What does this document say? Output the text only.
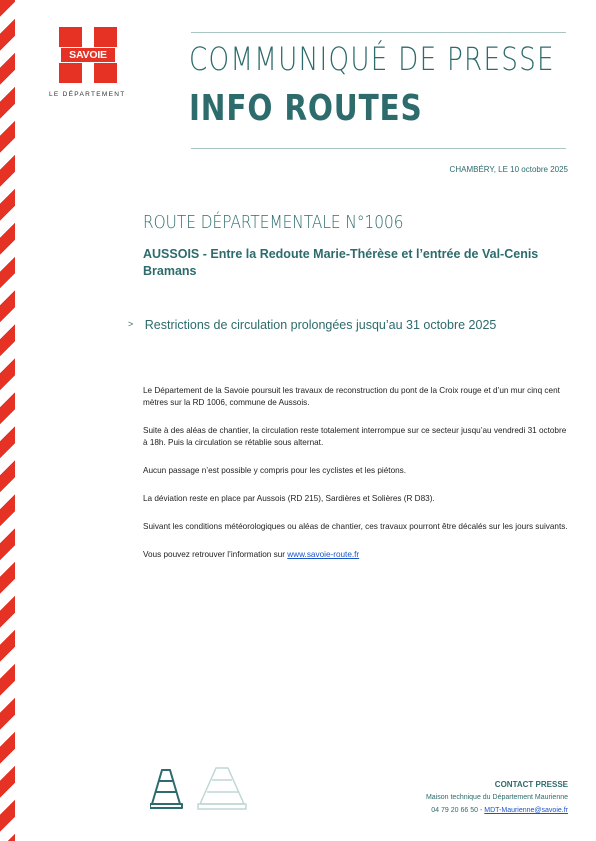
SAVOIE
LE DÉPARTEMENT
COMMUNIQUÉ DE PRESSE
INFO ROUTES
CHAMBÉRY, LE 10 octobre 2025
ROUTE DÉPARTEMENTALE N°1006
AUSSOIS - Entre la Redoute Marie-Thérèse et l’entrée de Val-Cenis Bramans
> Restrictions de circulation prolongées jusqu’au 31 octobre 2025

Le Département de la Savoie poursuit les travaux de reconstruction du pont de la Croix rouge et d’un mur cinq cent mètres sur la RD 1006, commune de Aussois.

Suite à des aléas de chantier, la circulation reste totalement interrompue sur ce secteur jusqu’au vendredi 31 octobre à 18h. Puis la circulation se rétablie sous alternat.

Aucun passage n’est possible y compris pour les cyclistes et les piétons.

La déviation reste en place par Aussois (RD 215), Sardières et Solières (R D83).

Suivant les conditions météorologiques ou aléas de chantier, ces travaux pourront être décalés sur les jours suivants.

Vous pouvez retrouver l’information sur www.savoie-route.fr

CONTACT PRESSE
Maison technique du Département Maurienne
04 79 20 66 50 - MDT-Maurienne@savoie.fr
